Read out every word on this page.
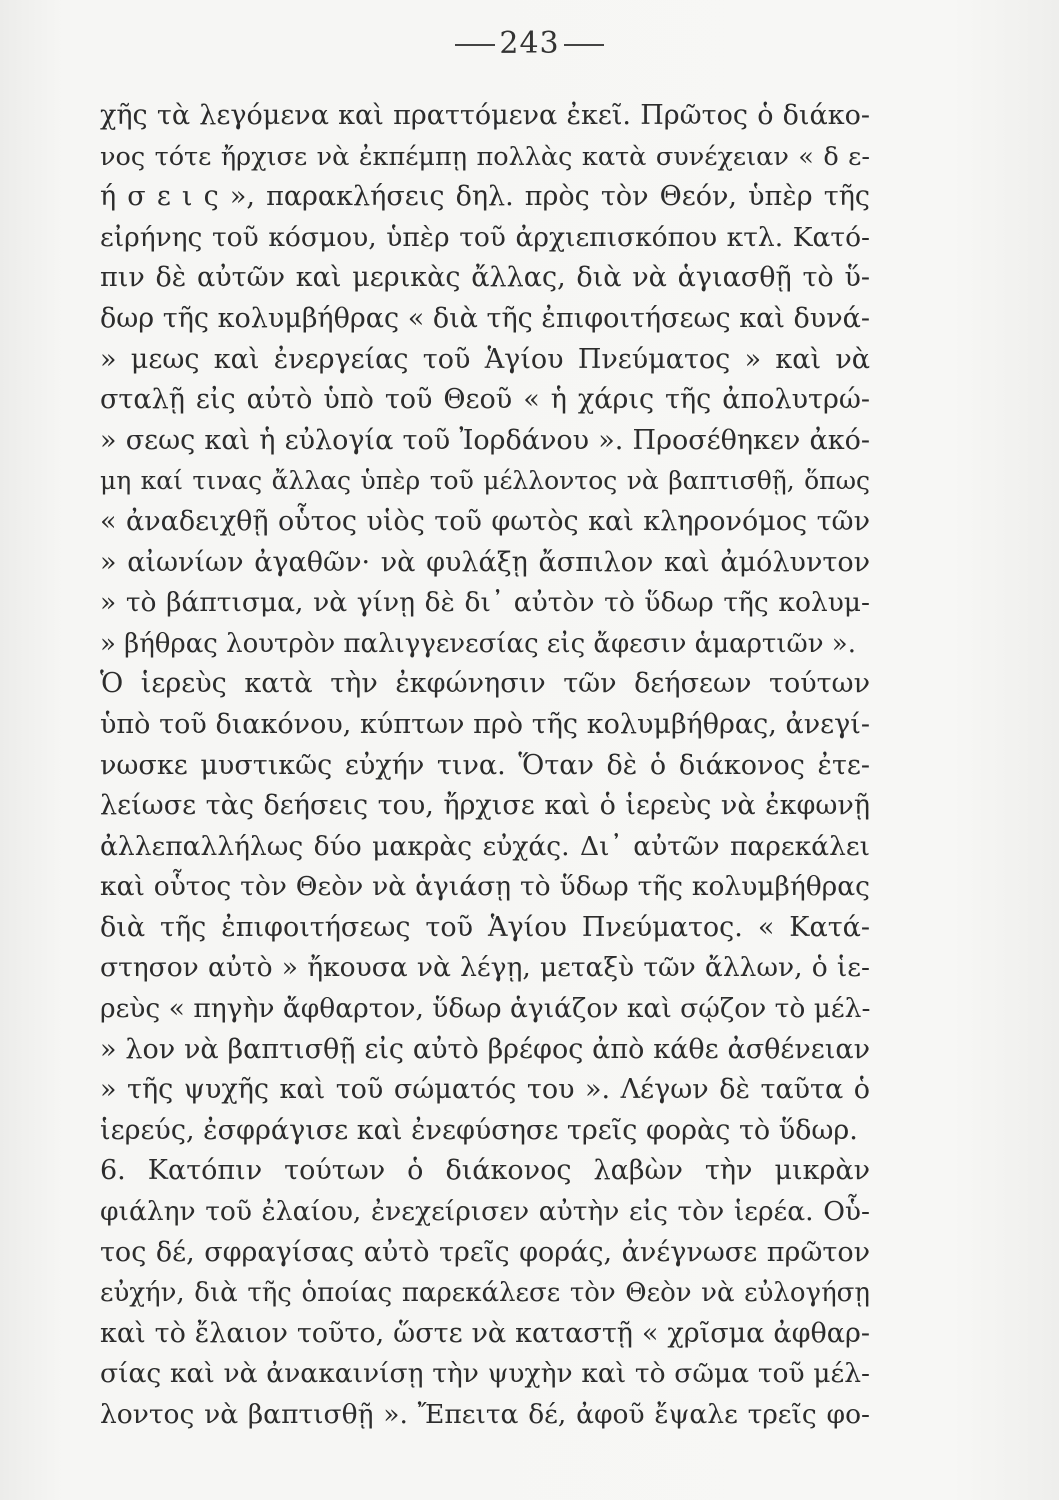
243
χῆς τὰ λεγόμενα καὶ πραττόμενα ἐκεῖ. Πρῶτος ὁ διάκο-
νος τότε ἤρχισε νὰ ἐκπέμπῃ πολλὰς κατὰ συνέχειαν « δ ε-
ή σ ε ι ς », παρακλήσεις δηλ. πρὸς τὸν Θεόν, ὑπὲρ τῆς
εἰρήνης τοῦ κόσμου, ὑπὲρ τοῦ ἀρχιεπισκόπου κτλ. Κατό-
πιν δὲ αὐτῶν καὶ μερικὰς ἄλλας, διὰ νὰ ἁγιασθῇ τὸ ὕ-
δωρ τῆς κολυμβήθρας « διὰ τῆς ἐπιφοιτήσεως καὶ δυνά-
» μεως καὶ ἐνεργείας τοῦ Ἁγίου Πνεύματος » καὶ νὰ
σταλῇ εἰς αὐτὸ ὑπὸ τοῦ Θεοῦ « ἡ χάρις τῆς ἀπολυτρώ-
» σεως καὶ ἡ εὐλογία τοῦ Ἰορδάνου ». Προσέθηκεν ἀκό-
μη καί τινας ἄλλας ὑπὲρ τοῦ μέλλοντος νὰ βαπτισθῇ, ὅπως
« ἀναδειχθῇ οὗτος υἱὸς τοῦ φωτὸς καὶ κληρονόμος τῶν
» αἰωνίων ἀγαθῶν· νὰ φυλάξῃ ἄσπιλον καὶ ἀμόλυντον
» τὸ βάπτισμα, νὰ γίνῃ δὲ δι᾿ αὐτὸν τὸ ὕδωρ τῆς κολυμ-
» βήθρας λουτρὸν παλιγγενεσίας εἰς ἄφεσιν ἁμαρτιῶν ».
Ὁ ἱερεὺς κατὰ τὴν ἐκφώνησιν τῶν δεήσεων τούτων
ὑπὸ τοῦ διακόνου, κύπτων πρὸ τῆς κολυμβήθρας, ἀνεγί-
νωσκε μυστικῶς εὐχήν τινα. Ὅταν δὲ ὁ διάκονος ἐτε-
λείωσε τὰς δεήσεις του, ἤρχισε καὶ ὁ ἱερεὺς νὰ ἐκφωνῇ
ἀλλεπαλλήλως δύο μακρὰς εὐχάς. Δι᾿ αὐτῶν παρεκάλει
καὶ οὗτος τὸν Θεὸν νὰ ἁγιάσῃ τὸ ὕδωρ τῆς κολυμβήθρας
διὰ τῆς ἐπιφοιτήσεως τοῦ Ἁγίου Πνεύματος. « Κατά-
στησον αὐτὸ » ἤκουσα νὰ λέγῃ, μεταξὺ τῶν ἄλλων, ὁ ἱε-
ρεὺς « πηγὴν ἄφθαρτον, ὕδωρ ἁγιάζον καὶ σῴζον τὸ μέλ-
» λον νὰ βαπτισθῇ εἰς αὐτὸ βρέφος ἀπὸ κάθε ἀσθένειαν
» τῆς ψυχῆς καὶ τοῦ σώματός του ». Λέγων δὲ ταῦτα ὁ
ἱερεύς, ἐσφράγισε καὶ ἐνεφύσησε τρεῖς φορὰς τὸ ὕδωρ.
6. Κατόπιν τούτων ὁ διάκονος λαβὼν τὴν μικρὰν
φιάλην τοῦ ἐλαίου, ἐνεχείρισεν αὐτὴν εἰς τὸν ἱερέα. Οὗ-
τος δέ, σφραγίσας αὐτὸ τρεῖς φοράς, ἀνέγνωσε πρῶτον
εὐχήν, διὰ τῆς ὁποίας παρεκάλεσε τὸν Θεὸν νὰ εὐλογήσῃ
καὶ τὸ ἔλαιον τοῦτο, ὥστε νὰ καταστῇ « χρῖσμα ἀφθαρ-
σίας καὶ νὰ ἀνακαινίσῃ τὴν ψυχὴν καὶ τὸ σῶμα τοῦ μέλ-
λοντος νὰ βαπτισθῇ ». Ἔπειτα δέ, ἀφοῦ ἔψαλε τρεῖς φο-
